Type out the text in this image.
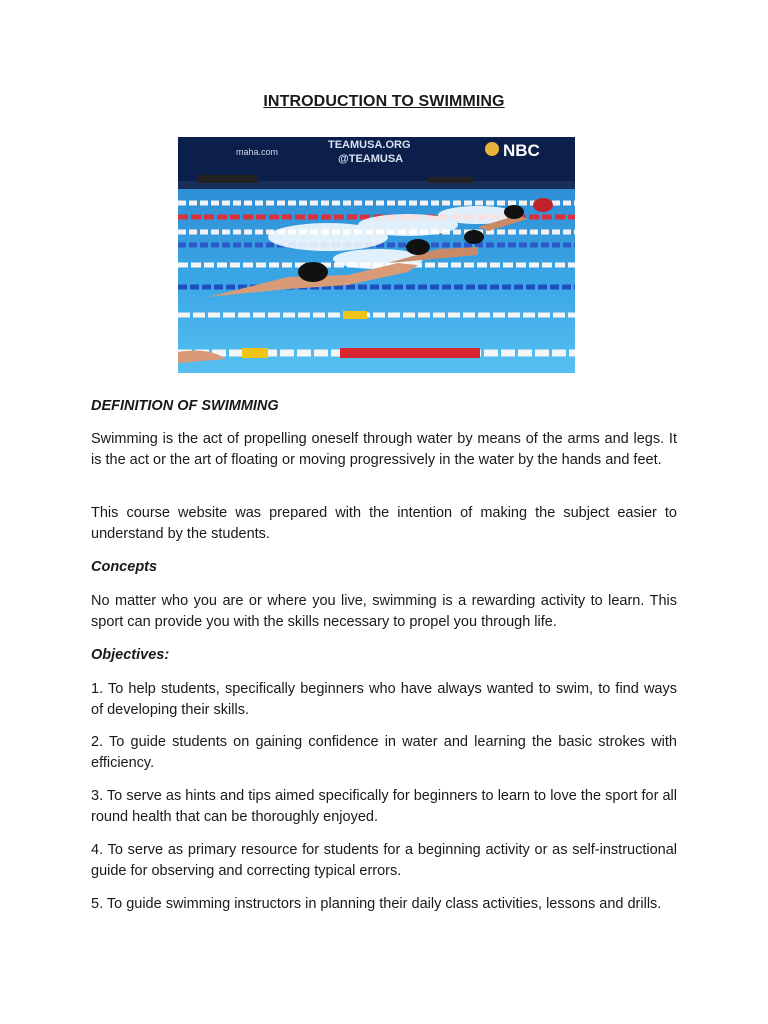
INTRODUCTION TO SWIMMING
maha.com
TEAMUSA.ORG
@TEAMUSA	NBC
DEFINITION OF SWIMMING
Swimming is the act of propelling oneself through water by means of the arms and legs. It is the act or the art of floating or moving progressively in the water by the hands and feet.
This course website was prepared with the intention of making the subject easier to understand by the students.
Concepts
No matter who you are or where you live, swimming is a rewarding activity to learn. This sport can provide you with the skills necessary to propel you through life.
Objectives:
1. To help students, specifically beginners who have always wanted to swim, to find ways of developing their skills.
2. To guide students on gaining confidence in water and learning the basic strokes with efficiency.
3. To serve as hints and tips aimed specifically for beginners to learn to love the sport for all round health that can be thoroughly enjoyed.
4. To serve as primary resource for students for a beginning activity or as self-instructional guide for observing and correcting typical errors.
5. To guide swimming instructors in planning their daily class activities, lessons and drills.
